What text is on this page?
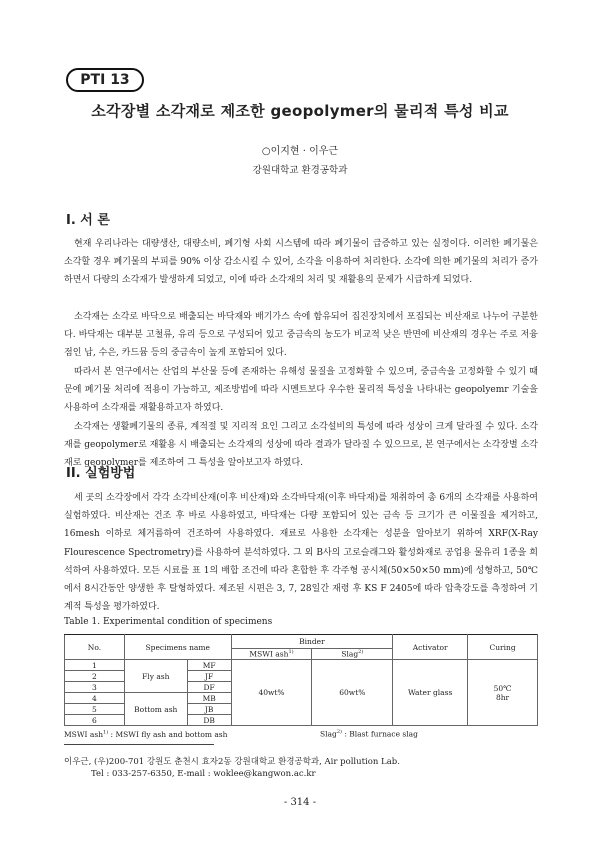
PTI 13
소각장별 소각재로 제조한 geopolymer의 물리적 특성 비교
○이지현 · 이우근
강원대학교 환경공학과
I. 서 론

현재 우리나라는 대량생산, 대량소비, 폐기형 사회 시스템에 따라 폐기물이 급증하고 있는 실정이다. 이러한 폐기물은 소각할 경우 폐기물의 부피를 90% 이상 감소시킬 수 있어, 소각을 이용하여 처리한다. 소각에 의한 폐기물의 처리가 증가하면서 다량의 소각재가 발생하게 되었고, 이에 따라 소각재의 처리 및 재활용의 문제가 시급하게 되었다.

소각재는 소각로 바닥으로 배출되는 바닥재와 배기가스 속에 함유되어 집진장치에서 포집되는 비산재로 나누어 구분한다. 바닥재는 대부분 고철류, 유리 등으로 구성되어 있고 중금속의 농도가 비교적 낮은 반면에 비산재의 경우는 주로 저융점인 납, 수은, 카드뮴 등의 중금속이 높게 포함되어 있다.

따라서 본 연구에서는 산업의 부산물 등에 존재하는 유해성 물질을 고정화할 수 있으며, 중금속을 고정화할 수 있기 때문에 폐기물 처리에 적용이 가능하고, 제조방법에 따라 시멘트보다 우수한 물리적 특성을 나타내는 geopolyemr 기술을 사용하여 소각재를 재활용하고자 하였다.

소각재는 생활폐기물의 종류, 계적절 및 지리적 요인 그리고 소각설비의 특성에 따라 성상이 크게 달라질 수 있다. 소각재를 geopolymer로 재활용 시 배출되는 소각재의 성상에 따라 결과가 달라질 수 있으므로, 본 연구에서는 소각장별 소각재로 geopolymer를 제조하여 그 특성을 알아보고자 하였다.

II. 실험방법

세 곳의 소각장에서 각각 소각비산재(이후 비산재)와 소각바닥재(이후 바닥재)를 채취하여 총 6개의 소각재를 사용하여 실험하였다. 비산재는 건조 후 바로 사용하였고, 바닥재는 다량 포함되어 있는 금속 등 크기가 큰 이물질을 제거하고, 16mesh 이하로 체거름하여 건조하여 사용하였다. 재료로 사용한 소각재는 성분을 알아보기 위하여 XRF(X-Ray Flourescence Spectrometry)를 사용하여 분석하였다. 그 외 B사의 고로슬래그와 활성화재로 공업용 물유리 1종을 희석하여 사용하였다. 모든 시료를 표 1의 배합 조건에 따라 혼합한 후 각주형 공시체(50×50×50 mm)에 성형하고, 50℃에서 8시간동안 양생한 후 탈형하였다. 제조된 시편은 3, 7, 28일간 재령 후 KS F 2405에 따라 압축강도를 측정하여 기계적 특성을 평가하였다.

Table 1. Experimental condition of specimens
No.	Specimens name		Binder		Activator	Curing
			MSWI ash$^{1)}$	Slag$^{2)}$
1	Fly ash	MF	40wt%	60wt%	Water glass	50℃
8hr
2		JF				
3		DF				
4	Bottom ash	MB				
5		JB				
6		DB				
MSWI ash$^{1)}$ : MSWI fly ash and bottom ash	Slag$^{2)}$ : Blast furnace slag
이우근, (우)200-701 강원도 춘천시 효자2동 강원대학교 환경공학과, Air pollution Lab.
Tel : 033-257-6350, E-mail : woklee@kangwon.ac.kr
- 314 -
